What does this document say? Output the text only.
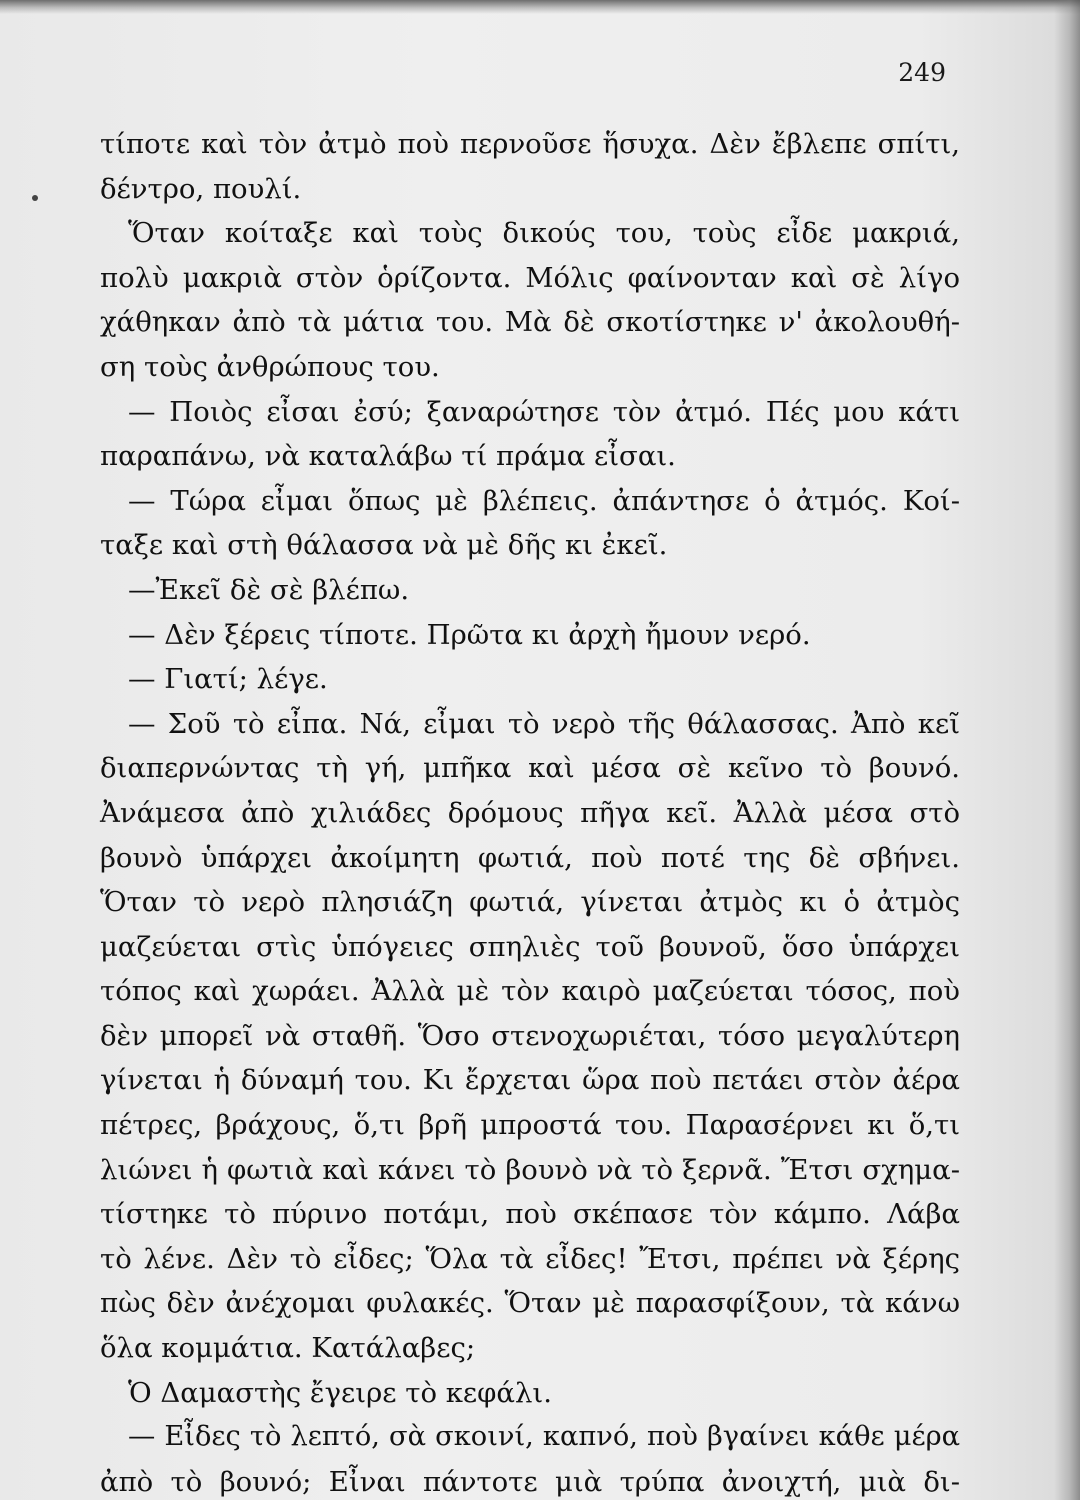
249
τίποτε καὶ τὸν ἀτμὸ ποὺ περνοῦσε ἥσυχα. Δὲν ἔβλεπε σπίτι,
δέντρο, πουλί.
Ὅταν κοίταξε καὶ τοὺς δικούς του, τοὺς εἶδε μακριά,
πολὺ μακριὰ στὸν ὁρίζοντα. Μόλις φαίνονταν καὶ σὲ λίγο
χάθηκαν ἀπὸ τὰ μάτια του. Μὰ δὲ σκοτίστηκε ν' ἀκολουθή-
ση τοὺς ἀνθρώπους του.
— Ποιὸς εἶσαι ἐσύ; ξαναρώτησε τὸν ἀτμό. Πές μου κάτι
παραπάνω, νὰ καταλάβω τί πράμα εἶσαι.
— Τώρα εἶμαι ὅπως μὲ βλέπεις. ἀπάντησε ὁ ἀτμός. Κοί-
ταξε καὶ στὴ θάλασσα νὰ μὲ δῆς κι ἐκεῖ.
—Ἐκεῖ δὲ σὲ βλέπω.
— Δὲν ξέρεις τίποτε. Πρῶτα κι ἀρχὴ ἤμουν νερό.
— Γιατί; λέγε.
— Σοῦ τὸ εἶπα. Νά, εἶμαι τὸ νερὸ τῆς θάλασσας. Ἀπὸ κεῖ
διαπερνώντας τὴ γή, μπῆκα καὶ μέσα σὲ κεῖνο τὸ βουνό.
Ἀνάμεσα ἀπὸ χιλιάδες δρόμους πῆγα κεῖ. Ἀλλὰ μέσα στὸ
βουνὸ ὑπάρχει ἀκοίμητη φωτιά, ποὺ ποτέ της δὲ σβήνει.
Ὅταν τὸ νερὸ πλησιάζη φωτιά, γίνεται ἀτμὸς κι ὁ ἀτμὸς
μαζεύεται στὶς ὑπόγειες σπηλιὲς τοῦ βουνοῦ, ὅσο ὑπάρχει
τόπος καὶ χωράει. Ἀλλὰ μὲ τὸν καιρὸ μαζεύεται τόσος, ποὺ
δὲν μπορεῖ νὰ σταθῆ. Ὅσο στενοχωριέται, τόσο μεγαλύτερη
γίνεται ἡ δύναμή του. Κι ἔρχεται ὥρα ποὺ πετάει στὸν ἀέρα
πέτρες, βράχους, ὅ,τι βρῆ μπροστά του. Παρασέρνει κι ὅ,τι
λιώνει ἡ φωτιὰ καὶ κάνει τὸ βουνὸ νὰ τὸ ξερνᾶ. Ἔτσι σχημα-
τίστηκε τὸ πύρινο ποτάμι, ποὺ σκέπασε τὸν κάμπο. Λάβα
τὸ λένε. Δὲν τὸ εἶδες; Ὅλα τὰ εἶδες! Ἔτσι, πρέπει νὰ ξέρης
πὼς δὲν ἀνέχομαι φυλακές. Ὅταν μὲ παρασφίξουν, τὰ κάνω
ὅλα κομμάτια. Κατάλαβες;
Ὁ Δαμαστὴς ἔγειρε τὸ κεφάλι.
— Εἶδες τὸ λεπτό, σὰ σκοινί, καπνό, ποὺ βγαίνει κάθε μέρα
ἀπὸ τὸ βουνό; Εἶναι πάντοτε μιὰ τρύπα ἀνοιχτή, μιὰ δι-
